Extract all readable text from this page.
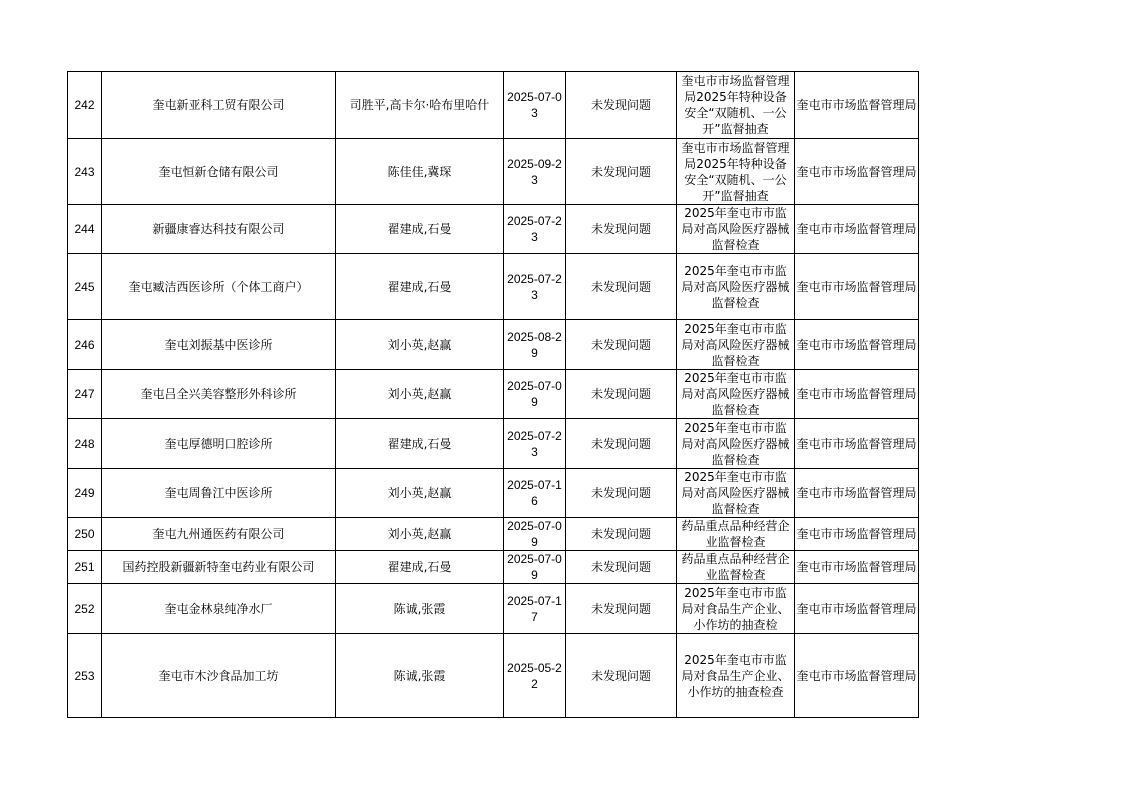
242	奎屯新亚科工贸有限公司	司胜平,高卡尔·哈布里哈什	2025-07-03	未发现问题	奎屯市市场监督管理局2025年特种设备安全“双随机、一公开”监督抽查	奎屯市市场监督管理局

243	奎屯恒新仓储有限公司	陈佳佳,冀琛	2025-09-23	未发现问题	奎屯市市场监督管理局2025年特种设备安全“双随机、一公开”监督抽查	奎屯市市场监督管理局

244	新疆康睿达科技有限公司	翟建成,石曼	2025-07-23	未发现问题	2025年奎屯市市监局对高风险医疗器械监督检查	奎屯市市场监督管理局

245	奎屯臧洁西医诊所（个体工商户）	翟建成,石曼	2025-07-23	未发现问题	2025年奎屯市市监局对高风险医疗器械监督检查	奎屯市市场监督管理局

246	奎屯刘振基中医诊所	刘小英,赵赢	2025-08-29	未发现问题	2025年奎屯市市监局对高风险医疗器械监督检查	奎屯市市场监督管理局

247	奎屯吕全兴美容整形外科诊所	刘小英,赵赢	2025-07-09	未发现问题	2025年奎屯市市监局对高风险医疗器械监督检查	奎屯市市场监督管理局

248	奎屯厚德明口腔诊所	翟建成,石曼	2025-07-23	未发现问题	2025年奎屯市市监局对高风险医疗器械监督检查	奎屯市市场监督管理局

249	奎屯周鲁江中医诊所	刘小英,赵赢	2025-07-16	未发现问题	2025年奎屯市市监局对高风险医疗器械监督检查	奎屯市市场监督管理局

250	奎屯九州通医药有限公司	刘小英,赵赢	2025-07-09	未发现问题	药品重点品种经营企业监督检查	奎屯市市场监督管理局

251	国药控股新疆新特奎屯药业有限公司	翟建成,石曼	2025-07-09	未发现问题	药品重点品种经营企业监督检查	奎屯市市场监督管理局

252	奎屯金林泉纯净水厂	陈诚,张霞	2025-07-17	未发现问题	2025年奎屯市市监局对食品生产企业、小作坊的抽查检	奎屯市市场监督管理局

253	奎屯市木沙食品加工坊	陈诚,张霞	2025-05-22	未发现问题	2025年奎屯市市监局对食品生产企业、小作坊的抽查检查	奎屯市市场监督管理局
